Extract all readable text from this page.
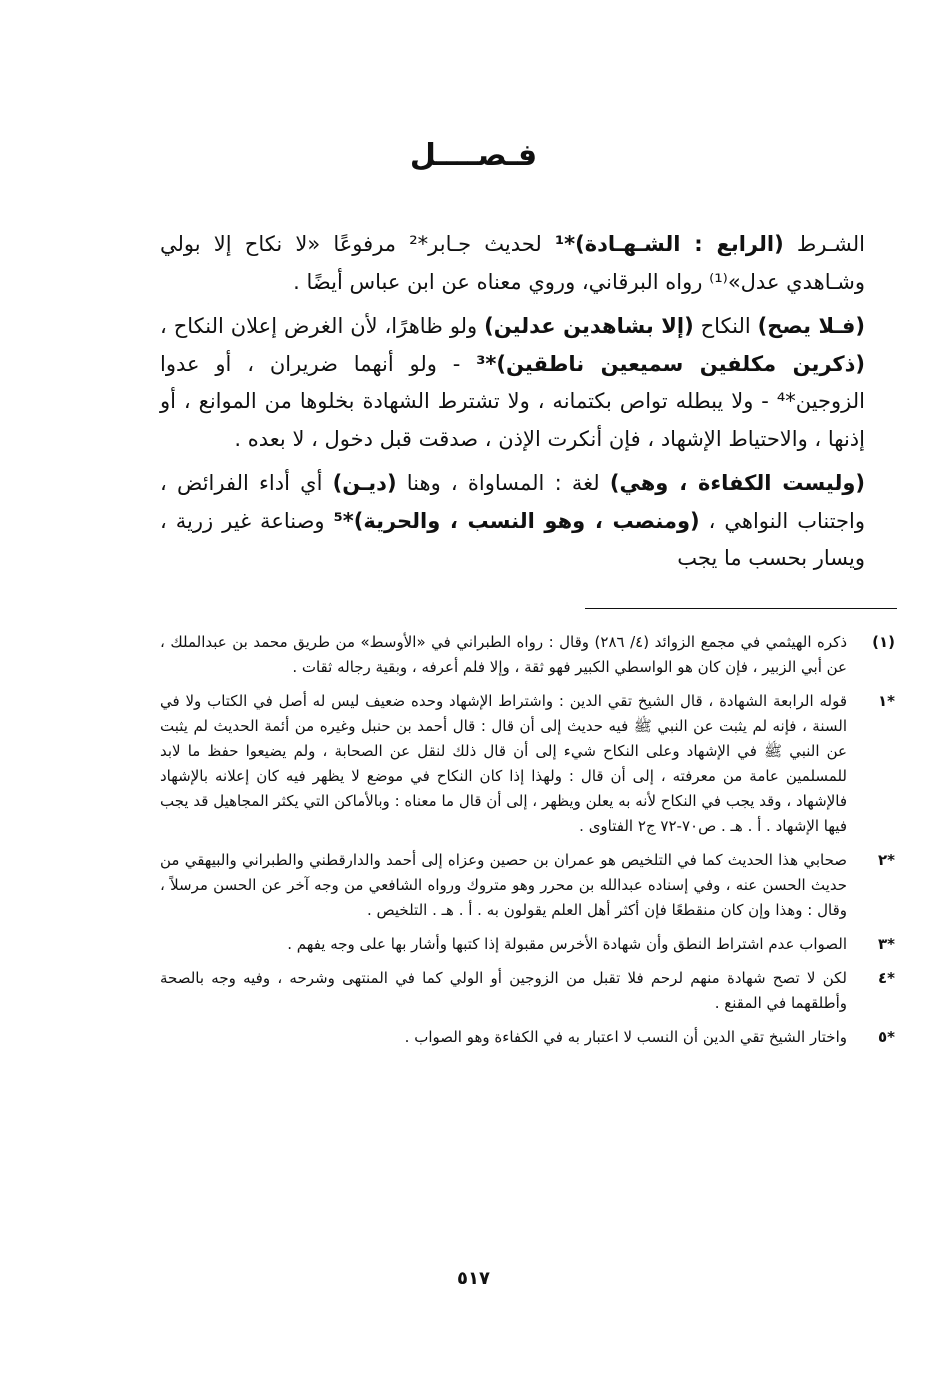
فـصــــل

الشـرط (الرابع : الشـهـادة)*¹ لحديث جـابر*² مرفوعًا «لا نكاح إلا بولي وشـاهدي عدل»⁽¹⁾ رواه البرقاني، وروي معناه عن ابن عباس أيضًا .

(فـلا يصح) النكاح (إلا بشاهدين عدلين) ولو ظاهرًا، لأن الغرض إعلان النكاح ، (ذكرين مكلفين سميعين ناطقين)*³ - ولو أنهما ضريران ، أو عدوا الزوجين*⁴ - ولا يبطله تواص بكتمانه ، ولا تشترط الشهادة بخلوها من الموانع ، أو إذنها ، والاحتياط الإشهاد ، فإن أنكرت الإذن ، صدقت قبل دخول ، لا بعده .

(وليست الكفاءة ، وهي) لغة : المساواة ، وهنا (ديـن) أي أداء الفرائض ، واجتناب النواهي ، (ومنصب ، وهو النسب ، والحرية)*⁵ وصناعة غير زرية ، ويسار بحسب ما يجب

(١)
ذكره الهيثمي في مجمع الزوائد (٤/ ٢٨٦) وقال : رواه الطبراني في «الأوسط» من طريق محمد بن عبدالملك ، عن أبي الزبير ، فإن كان هو الواسطي الكبير فهو ثقة ، وإلا فلم أعرفه ، وبقية رجاله ثقات .
*١
قوله الرابعة الشهادة ، قال الشيخ تقي الدين : واشتراط الإشهاد وحده ضعيف ليس له أصل في الكتاب ولا في السنة ، فإنه لم يثبت عن النبي ﷺ فيه حديث إلى أن قال : قال أحمد بن حنبل وغيره من أئمة الحديث لم يثبت عن النبي ﷺ في الإشهاد وعلى النكاح شيء إلى أن قال ذلك لنقل عن الصحابة ، ولم يضيعوا حفظ ما لابد للمسلمين عامة من معرفته ، إلى أن قال : ولهذا إذا كان النكاح في موضع لا يظهر فيه كان إعلانه بالإشهاد فالإشهاد ، وقد يجب في النكاح لأنه به يعلن ويظهر ، إلى أن قال ما معناه : وبالأماكن التي يكثر المجاهيل قد يجب فيها الإشهاد . أ . هـ . ص٧٠-٧٢ ج٢ الفتاوى .
*٢
صحابي هذا الحديث كما في التلخيص هو عمران بن حصين وعزاه إلى أحمد والدارقطني والطبراني والبيهقي من حديث الحسن عنه ، وفي إسناده عبدالله بن محرر وهو متروك ورواه الشافعي من وجه آخر عن الحسن مرسلاً ، وقال : وهذا وإن كان منقطعًا فإن أكثر أهل العلم يقولون به . أ . هـ . التلخيص .
*٣
الصواب عدم اشتراط النطق وأن شهادة الأخرس مقبولة إذا كتبها وأشار بها على وجه يفهم .
*٤
لكن لا تصح شهادة منهم لرحم فلا تقبل من الزوجين أو الولي كما في المنتهى وشرحه ، وفيه وجه بالصحة وأطلقهما في المقنع .
*٥
واختار الشيخ تقي الدين أن النسب لا اعتبار به في الكفاءة وهو الصواب .
٥١٧
